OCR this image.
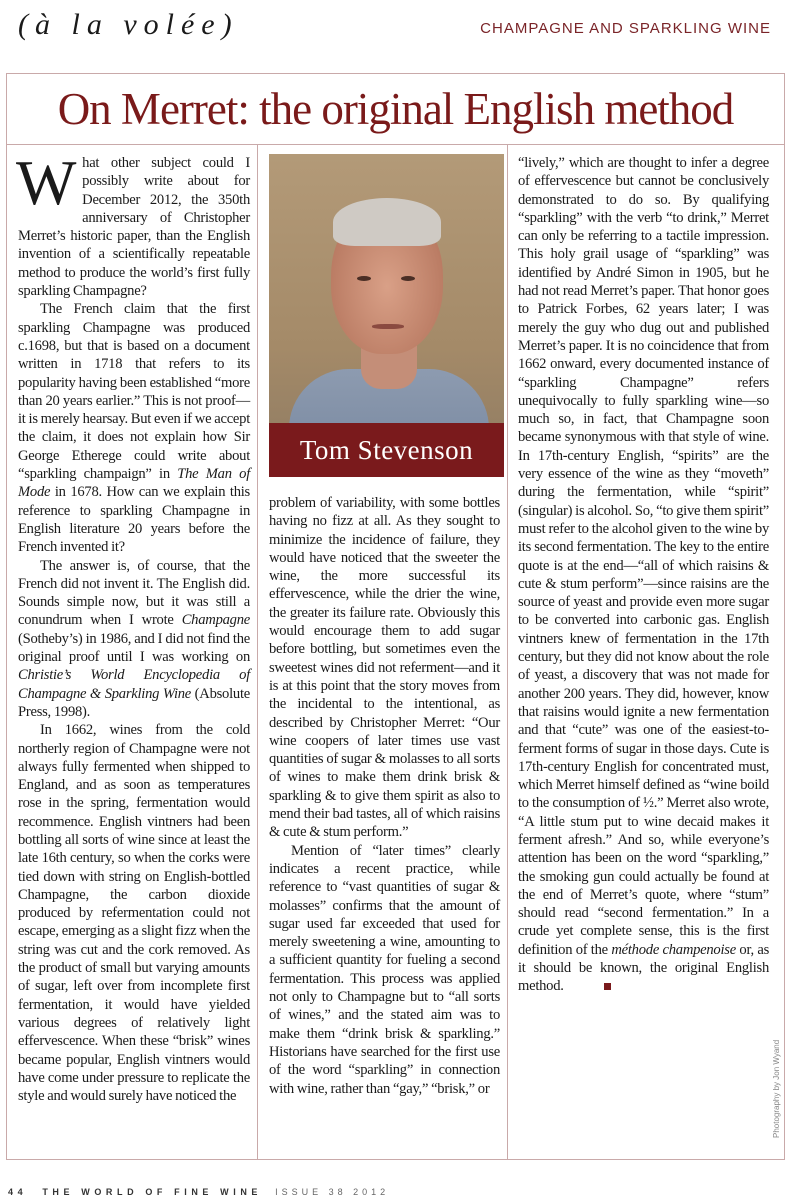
(à la volée)	CHAMPAGNE AND SPARKLING WINE
On Merret: the original English method

What other subject could I possibly write about for December 2012, the 350th anniversary of Christopher Merret’s historic paper, than the English invention of a scientifically repeatable method to produce the world’s first fully sparkling Champagne?

The French claim that the first sparkling Champagne was produced c.1698, but that is based on a document written in 1718 that refers to its popularity having been established “more than 20 years earlier.” This is not proof—it is merely hearsay. But even if we accept the claim, it does not explain how Sir George Etherege could write about “sparkling champaign” in The Man of Mode in 1678. How can we explain this reference to sparkling Champagne in English literature 20 years before the French invented it?

The answer is, of course, that the French did not invent it. The English did. Sounds simple now, but it was still a conundrum when I wrote Champagne (Sotheby’s) in 1986, and I did not find the original proof until I was working on Christie’s World Encyclopedia of Champagne & Sparkling Wine (Absolute Press, 1998).

In 1662, wines from the cold northerly region of Champagne were not always fully fermented when shipped to England, and as soon as temperatures rose in the spring, fermentation would recommence. English vintners had been bottling all sorts of wine since at least the late 16th century, so when the corks were tied down with string on English-bottled Champagne, the carbon dioxide produced by refermentation could not escape, emerging as a slight fizz when the string was cut and the cork removed. As the product of small but varying amounts of sugar, left over from incomplete first fermentation, it would have yielded various degrees of relatively light effervescence. When these “brisk” wines became popular, English vintners would have come under pressure to replicate the style and would surely have noticed the

Tom Stevenson

problem of variability, with some bottles having no fizz at all. As they sought to minimize the incidence of failure, they would have noticed that the sweeter the wine, the more successful its effervescence, while the drier the wine, the greater its failure rate. Obviously this would encourage them to add sugar before bottling, but sometimes even the sweetest wines did not referment—and it is at this point that the story moves from the incidental to the intentional, as described by Christopher Merret: “Our wine coopers of later times use vast quantities of sugar & molasses to all sorts of wines to make them drink brisk & sparkling & to give them spirit as also to mend their bad tastes, all of which raisins & cute & stum perform.”

Mention of “later times” clearly indicates a recent practice, while reference to “vast quantities of sugar & molasses” confirms that the amount of sugar used far exceeded that used for merely sweetening a wine, amounting to a sufficient quantity for fueling a second fermentation. This process was applied not only to Champagne but to “all sorts of wines,” and the stated aim was to make them “drink brisk & sparkling.” Historians have searched for the first use of the word “sparkling” in connection with wine, rather than “gay,” “brisk,” or

“lively,” which are thought to infer a degree of effervescence but cannot be conclusively demonstrated to do so. By qualifying “sparkling” with the verb “to drink,” Merret can only be referring to a tactile impression. This holy grail usage of “sparkling” was identified by André Simon in 1905, but he had not read Merret’s paper. That honor goes to Patrick Forbes, 62 years later; I was merely the guy who dug out and published Merret’s paper. It is no coincidence that from 1662 onward, every documented instance of “sparkling Champagne” refers unequivocally to fully sparkling wine—so much so, in fact, that Champagne soon became synonymous with that style of wine. In 17th-century English, “spirits” are the very essence of the wine as they “moveth” during the fermentation, while “spirit” (singular) is alcohol. So, “to give them spirit” must refer to the alcohol given to the wine by its second fermentation. The key to the entire quote is at the end—“all of which raisins & cute & stum perform”—since raisins are the source of yeast and provide even more sugar to be converted into carbonic gas. English vintners knew of fermentation in the 17th century, but they did not know about the role of yeast, a discovery that was not made for another 200 years. They did, however, know that raisins would ignite a new fermentation and that “cute” was one of the easiest-to-ferment forms of sugar in those days. Cute is 17th-century English for concentrated must, which Merret himself defined as “wine boild to the consumption of ½.” Merret also wrote, “A little stum put to wine decaid makes it ferment afresh.” And so, while everyone’s attention has been on the word “sparkling,” the smoking gun could actually be found at the end of Merret’s quote, where “stum” should read “second fermentation.” In a crude yet complete sense, this is the first definition of the méthode champenoise or, as it should be known, the original English method.

Photography by Jon Wyand
44 THE WORLD OF FINE WINE ISSUE 38 2012
